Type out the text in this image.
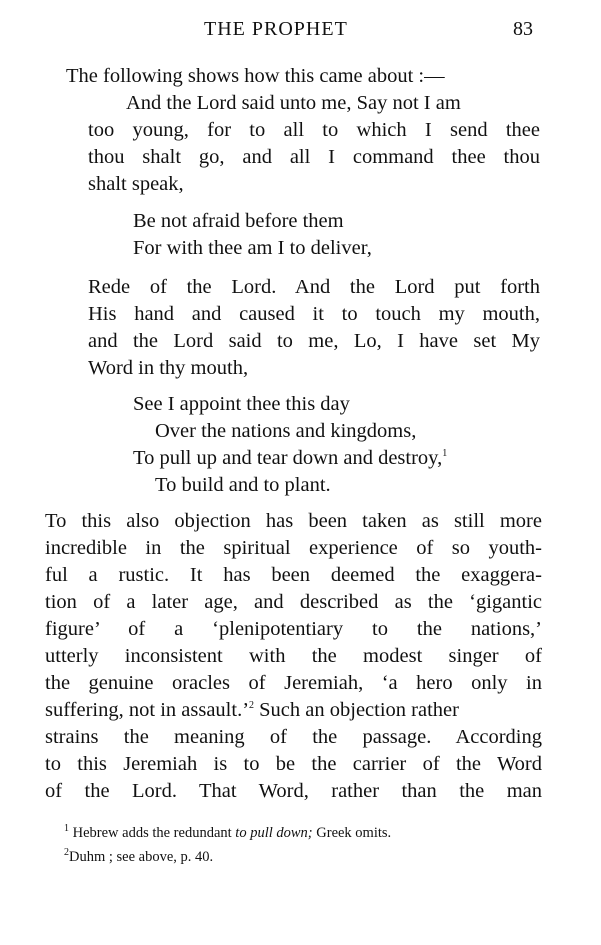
THE PROPHET	83
The following shows how this came about :—
And the Lord said unto me, Say not I am
too young, for to all to which I send thee
thou shalt go, and all I command thee thou
shalt speak,
Be not afraid before them
For with thee am I to deliver,
Rede of the Lord. And the Lord put forth
His hand and caused it to touch my mouth,
and the Lord said to me, Lo, I have set My
Word in thy mouth,
See I appoint thee this day
Over the nations and kingdoms,
To pull up and tear down and destroy,$^1$
To build and to plant.
To this also objection has been taken as still more
incredible in the spiritual experience of so youth-
ful a rustic. It has been deemed the exaggera-
tion of a later age, and described as the ‘gigantic
figure’ of a ‘plenipotentiary to the nations,’
utterly inconsistent with the modest singer of
the genuine oracles of Jeremiah, ‘a hero only in
suffering, not in assault.’$^2$ Such an objection rather
strains the meaning of the passage. According
to this Jeremiah is to be the carrier of the Word
of the Lord. That Word, rather than the man
$^1$ Hebrew adds the redundant to pull down; Greek omits.
$^2$Duhm ; see above, p. 40.
